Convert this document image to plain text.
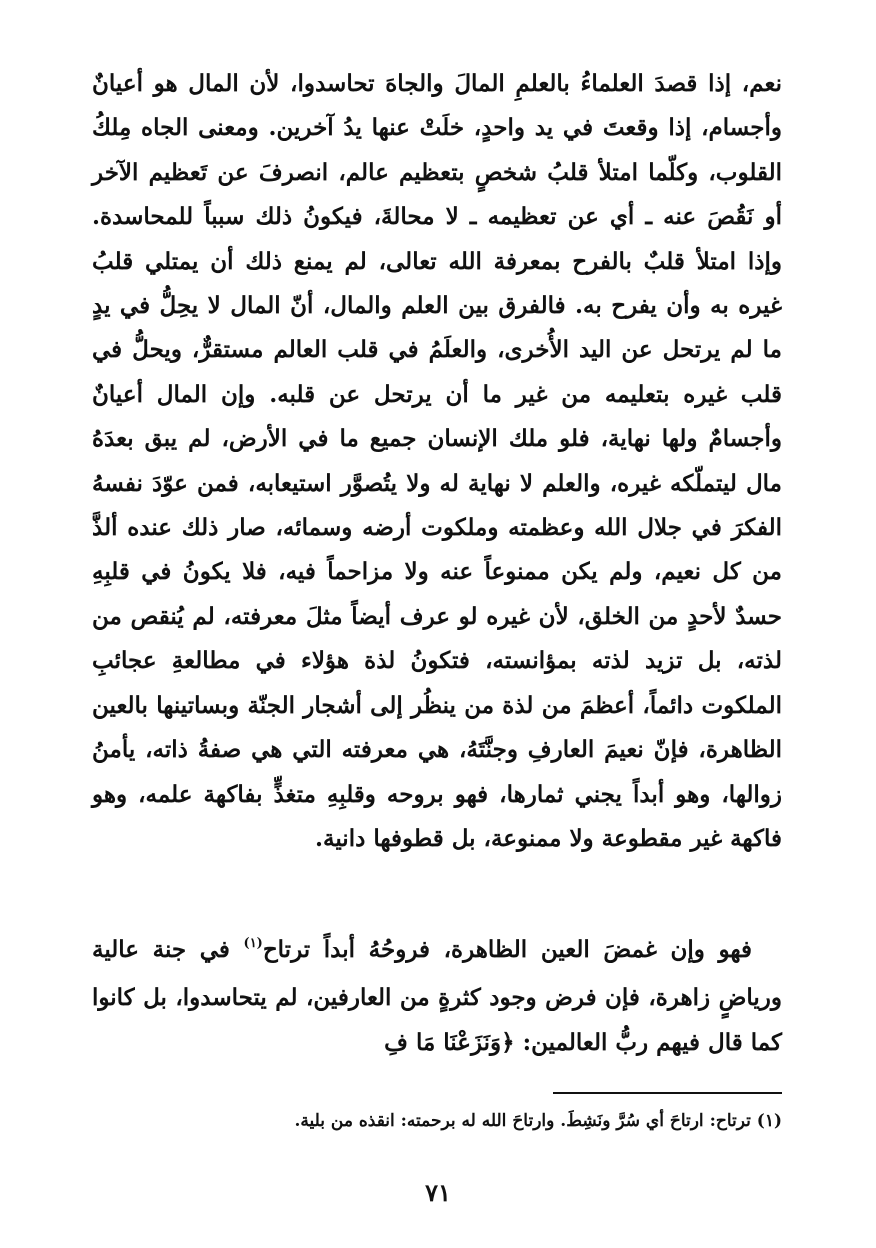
نعم، إذا قصدَ العلماءُ بالعلمِ المالَ والجاهَ تحاسدوا، لأن المال هو أعيانٌ وأجسام، إذا وقعتَ في يد واحدٍ، خلَتْ عنها يدُ آخرين. ومعنى الجاه مِلكُ القلوب، وكلّما امتلأ قلبُ شخصٍ بتعظيم عالم، انصرفَ عن تَعظيم الآخر أو نَقُصَ عنه ـ أي عن تعظيمه ـ لا محالةَ، فيكونُ ذلك سبباً للمحاسدة. وإذا امتلأ قلبٌ بالفرح بمعرفة الله تعالى، لم يمنع ذلك أن يمتلي قلبُ غيره به وأن يفرح به. فالفرق بين العلم والمال، أنّ المال لا يحِلُّ في يدٍ ما لم يرتحل عن اليد الأُخرى، والعلَمُ في قلب العالم مستقرٌّ، ويحلُّ في قلب غيره بتعليمه من غير ما أن يرتحل عن قلبه. وإن المال أعيانٌ وأجسامٌ ولها نهاية، فلو ملك الإنسان جميع ما في الأرض، لم يبق بعدَهُ مال ليتملّكه غيره، والعلم لا نهاية له ولا يتُصوَّر استيعابه، فمن عوّدَ نفسهُ الفكرَ في جلال الله وعظمته وملكوت أرضه وسمائه، صار ذلك عنده ألذَّ من كل نعيم، ولم يكن ممنوعاً عنه ولا مزاحماً فيه، فلا يكونُ في قلبِهِ حسدٌ لأحدٍ من الخلق، لأن غيره لو عرف أيضاً مثلَ معرفته، لم يُنقص من لذته، بل تزيد لذته بمؤانسته، فتكونُ لذة هؤلاء في مطالعةِ عجائبِ الملكوت دائماً، أعظمَ من لذة من ينظُر إلى أشجار الجنّة وبساتينها بالعين الظاهرة، فإنّ نعيمَ العارفِ وجنَّتَهُ، هي معرفته التي هي صفةُ ذاته، يأمنُ زوالها، وهو أبداً يجني ثمارها، فهو بروحه وقلبِهِ متغذٍّ بفاكهة علمه، وهو فاكهة غير مقطوعة ولا ممنوعة، بل قطوفها دانية.

فهو وإن غمضَ العين الظاهرة، فروحُهُ أبداً ترتاح$^{(١)}$ في جنة عالية ورياضٍ زاهرة، فإن فرض وجود كثرةٍ من العارفين، لم يتحاسدوا، بل كانوا كما قال فيهم ربُّ العالمين: ﴿وَنَزَعْنَا مَا فِ

(١) ترتاح: ارتاحَ أي سُرَّ ونَشِطَ. وارتاحَ الله له برحمته: انقذه من بلية.
٧١
